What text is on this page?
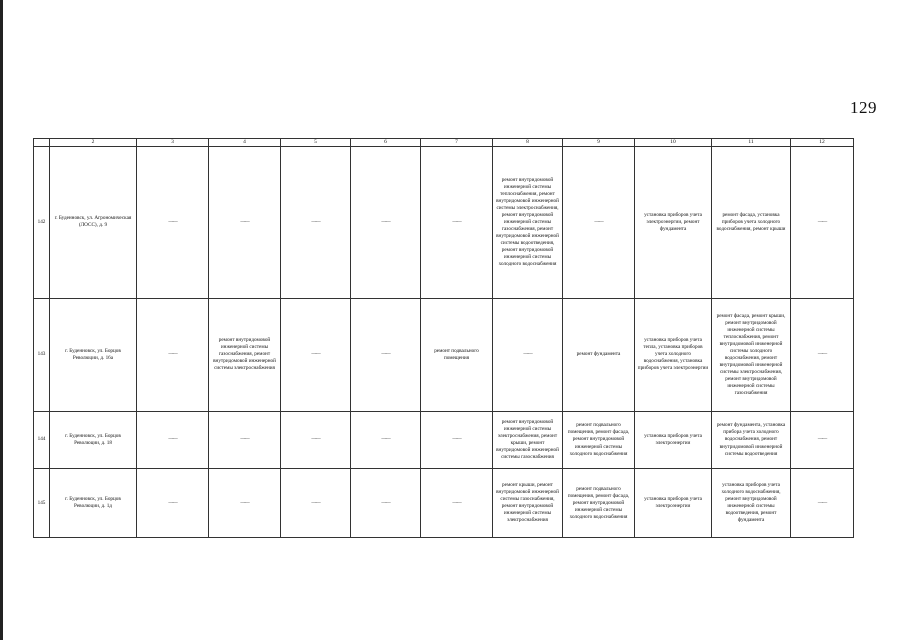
129
	2	3	4	5	6	7	8	9	10	11	12
142	г. Буденновск, ул. Агрономическая (ЛОСС), д. 9	——	——	——	——	——	ремонт внутридомовой инженерной системы теплоснабжения, ремонт внутридомовой инженерной системы электроснабжения, ремонт внутридомовой инженерной системы газоснабжения, ремонт внутридомовой инженерной системы водоотведения, ремонт внутридомовой инженерной системы холодного водоснабжения	——	установка приборов учета электроэнергии, ремонт фундамента	ремонт фасада, установка приборов учета холодного водоснабжения, ремонт крыши	——
143	г. Буденновск, ул. Борцов Революции, д. 16а	——	ремонт внутридомовой инженерной системы газоснабжения, ремонт внутридомовой инженерной системы электроснабжения	——	——	ремонт подвального помещения	——	ремонт фундамента	установка приборов учета тепла, установка приборов учета холодного водоснабжения, установка приборов учета электроэнергии	ремонт фасада, ремонт крыши, ремонт внутридомовой инженерной системы теплоснабжения, ремонт внутридомовой инженерной системы холодного водоснабжения, ремонт внутридомовой инженерной системы электроснабжения, ремонт внутридомовой инженерной системы газоснабжения	——
144	г. Буденновск, ул. Борцов Революции, д. 18	——	——	——	——	——	ремонт внутридомовой инженерной системы электроснабжения, ремонт крыши, ремонт внутридомовой инженерной системы газоснабжения	ремонт подвального помещения, ремонт фасада, ремонт внутридомовой инженерной системы холодного водоснабжения	установка приборов учета электроэнергии	ремонт фундамента, установка прибора учета холодного водоснабжения, ремонт внутридомовой инженерной системы водоотведения	——
145	г. Буденновск, ул. Борцов Революции, д. 1д	——	——	——	——	——	ремонт крыши, ремонт внутридомовой инженерной системы газоснабжения, ремонт внутридомовой инженерной системы электроснабжения	ремонт подвального помещения, ремонт фасада, ремонт внутридомовой инженерной системы холодного водоснабжения	установка приборов учета электроэнергии	установка приборов учета холодного водоснабжения, ремонт внутридомовой инженерной системы водоотведения, ремонт фундамента	——
